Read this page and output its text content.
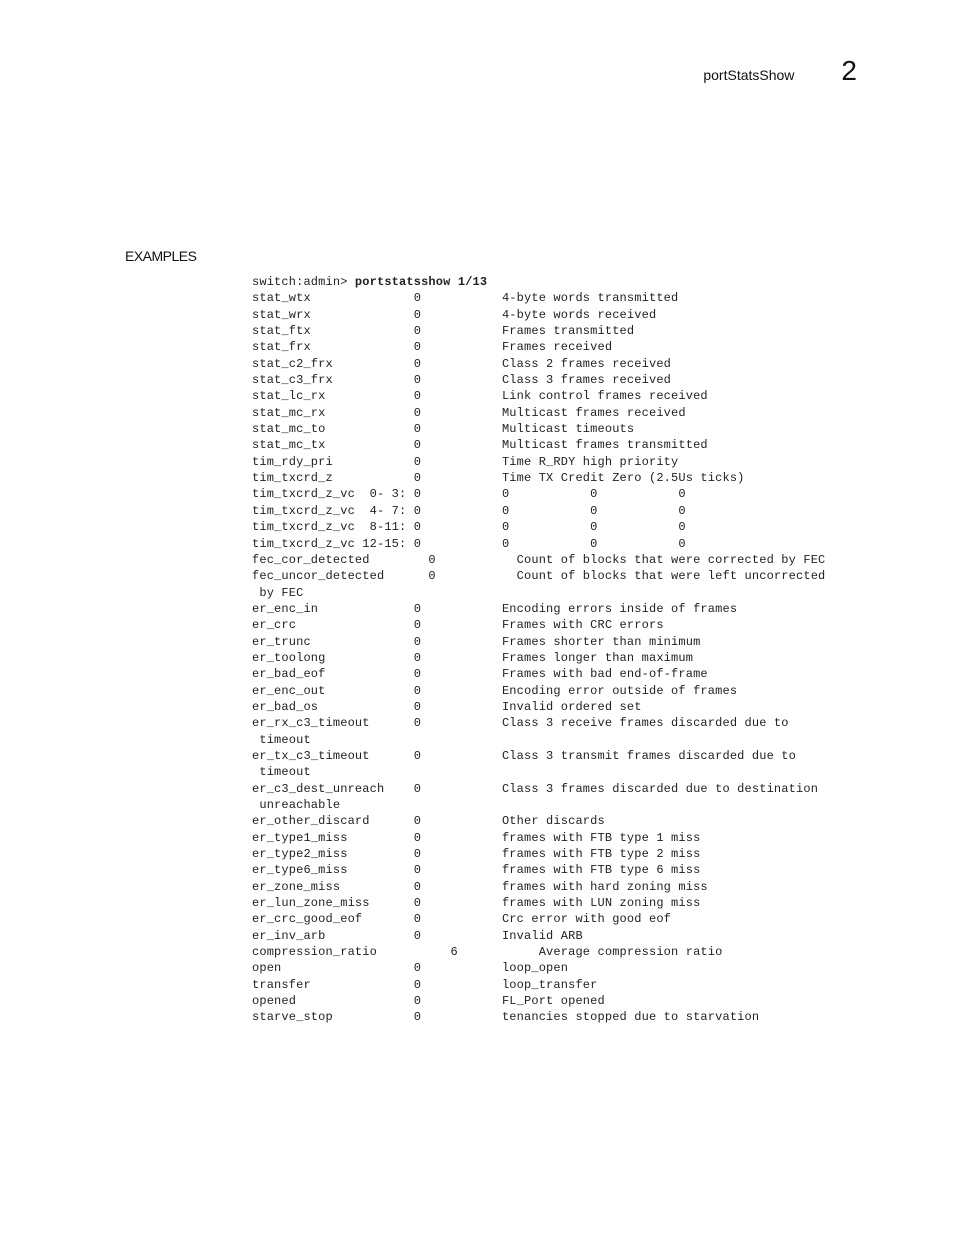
portStatsShow 2
EXAMPLES
switch:admin> portstatsshow 1/13
stat_wtx              0           4-byte words transmitted
stat_wrx              0           4-byte words received
stat_ftx              0           Frames transmitted
stat_frx              0           Frames received
stat_c2_frx           0           Class 2 frames received
stat_c3_frx           0           Class 3 frames received
stat_lc_rx            0           Link control frames received
stat_mc_rx            0           Multicast frames received
stat_mc_to            0           Multicast timeouts
stat_mc_tx            0           Multicast frames transmitted
tim_rdy_pri           0           Time R_RDY high priority
tim_txcrd_z           0           Time TX Credit Zero (2.5Us ticks)
tim_txcrd_z_vc  0- 3: 0           0           0           0
tim_txcrd_z_vc  4- 7: 0           0           0           0
tim_txcrd_z_vc  8-11: 0           0           0           0
tim_txcrd_z_vc 12-15: 0           0           0           0
fec_cor_detected        0           Count of blocks that were corrected by FEC
fec_uncor_detected      0           Count of blocks that were left uncorrected
by FEC
er_enc_in             0           Encoding errors inside of frames
er_crc                0           Frames with CRC errors
er_trunc              0           Frames shorter than minimum
er_toolong            0           Frames longer than maximum
er_bad_eof            0           Frames with bad end-of-frame
er_enc_out            0           Encoding error outside of frames
er_bad_os             0           Invalid ordered set
er_rx_c3_timeout      0           Class 3 receive frames discarded due to
timeout
er_tx_c3_timeout      0           Class 3 transmit frames discarded due to
timeout
er_c3_dest_unreach    0           Class 3 frames discarded due to destination
unreachable
er_other_discard      0           Other discards
er_type1_miss         0           frames with FTB type 1 miss
er_type2_miss         0           frames with FTB type 2 miss
er_type6_miss         0           frames with FTB type 6 miss
er_zone_miss          0           frames with hard zoning miss
er_lun_zone_miss      0           frames with LUN zoning miss
er_crc_good_eof       0           Crc error with good eof
er_inv_arb            0           Invalid ARB
compression_ratio          6           Average compression ratio
open                  0           loop_open
transfer              0           loop_transfer
opened                0           FL_Port opened
starve_stop           0           tenancies stopped due to starvation
